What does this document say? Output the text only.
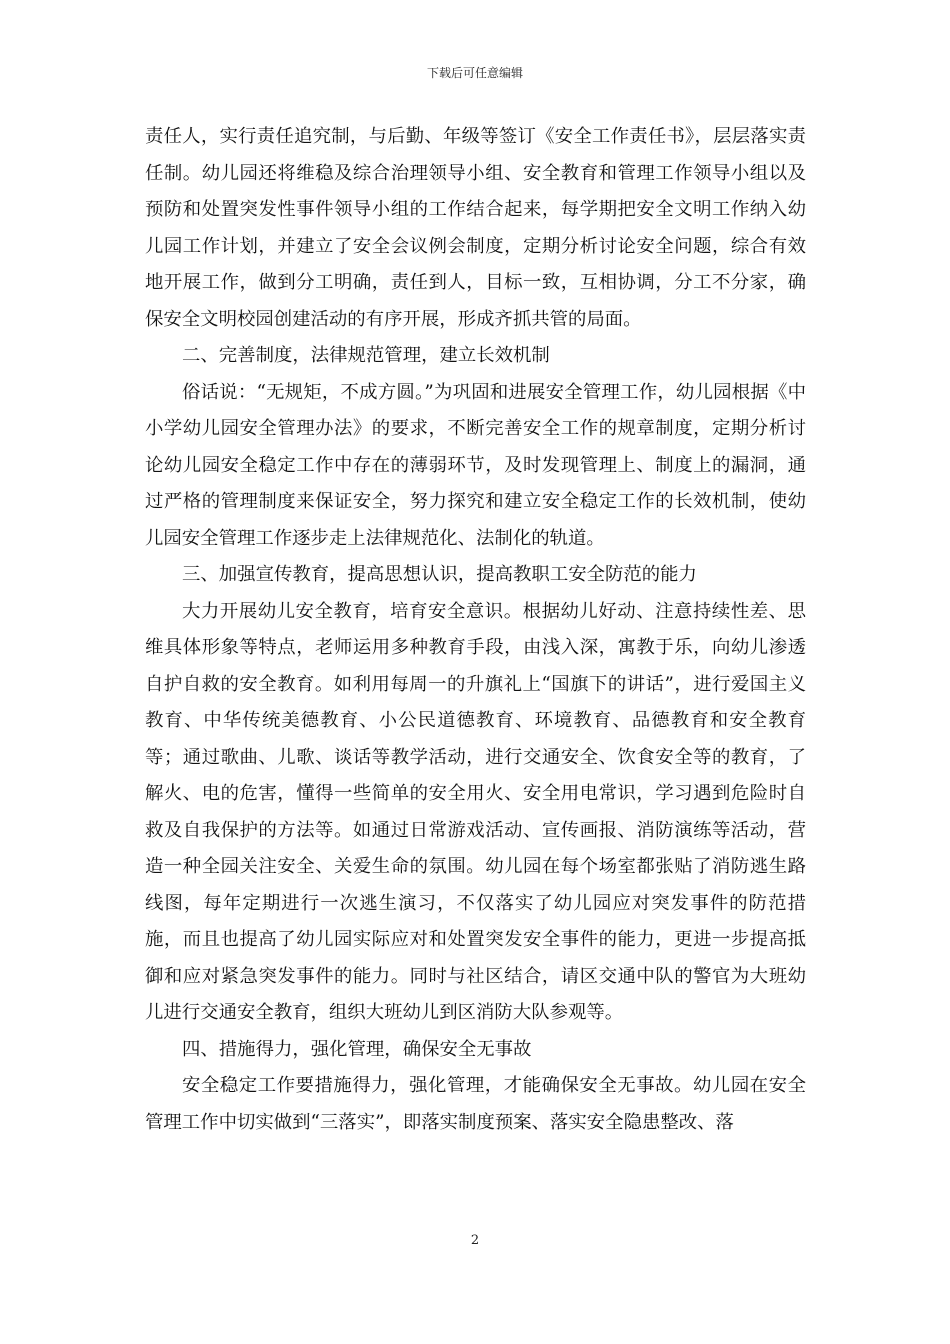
下载后可任意编辑

责任人，实行责任追究制，与后勤、年级等签订《安全工作责任书》，层层落实责任制。幼儿园还将维稳及综合治理领导小组、安全教育和管理工作领导小组以及预防和处置突发性事件领导小组的工作结合起来，每学期把安全文明工作纳入幼儿园工作计划，并建立了安全会议例会制度，定期分析讨论安全问题，综合有效地开展工作，做到分工明确，责任到人，目标一致，互相协调，分工不分家，确保安全文明校园创建活动的有序开展，形成齐抓共管的局面。

二、完善制度，法律规范管理，建立长效机制

俗话说：“无规矩，不成方圆。”为巩固和进展安全管理工作，幼儿园根据《中小学幼儿园安全管理办法》的要求，不断完善安全工作的规章制度，定期分析讨论幼儿园安全稳定工作中存在的薄弱环节，及时发现管理上、制度上的漏洞，通过严格的管理制度来保证安全，努力探究和建立安全稳定工作的长效机制，使幼儿园安全管理工作逐步走上法律规范化、法制化的轨道。

三、加强宣传教育，提高思想认识，提高教职工安全防范的能力

大力开展幼儿安全教育，培育安全意识。根据幼儿好动、注意持续性差、思维具体形象等特点，老师运用多种教育手段，由浅入深，寓教于乐，向幼儿渗透自护自救的安全教育。如利用每周一的升旗礼上“国旗下的讲话”，进行爱国主义教育、中华传统美德教育、小公民道德教育、环境教育、品德教育和安全教育等；通过歌曲、儿歌、谈话等教学活动，进行交通安全、饮食安全等的教育，了解火、电的危害，懂得一些简单的安全用火、安全用电常识，学习遇到危险时自救及自我保护的方法等。如通过日常游戏活动、宣传画报、消防演练等活动，营造一种全园关注安全、关爱生命的氛围。幼儿园在每个场室都张贴了消防逃生路线图，每年定期进行一次逃生演习，不仅落实了幼儿园应对突发事件的防范措施，而且也提高了幼儿园实际应对和处置突发安全事件的能力，更进一步提高抵御和应对紧急突发事件的能力。同时与社区结合，请区交通中队的警官为大班幼儿进行交通安全教育，组织大班幼儿到区消防大队参观等。

四、措施得力，强化管理，确保安全无事故

安全稳定工作要措施得力，强化管理，才能确保安全无事故。幼儿园在安全管理工作中切实做到“三落实”，即落实制度预案、落实安全隐患整改、落

2
